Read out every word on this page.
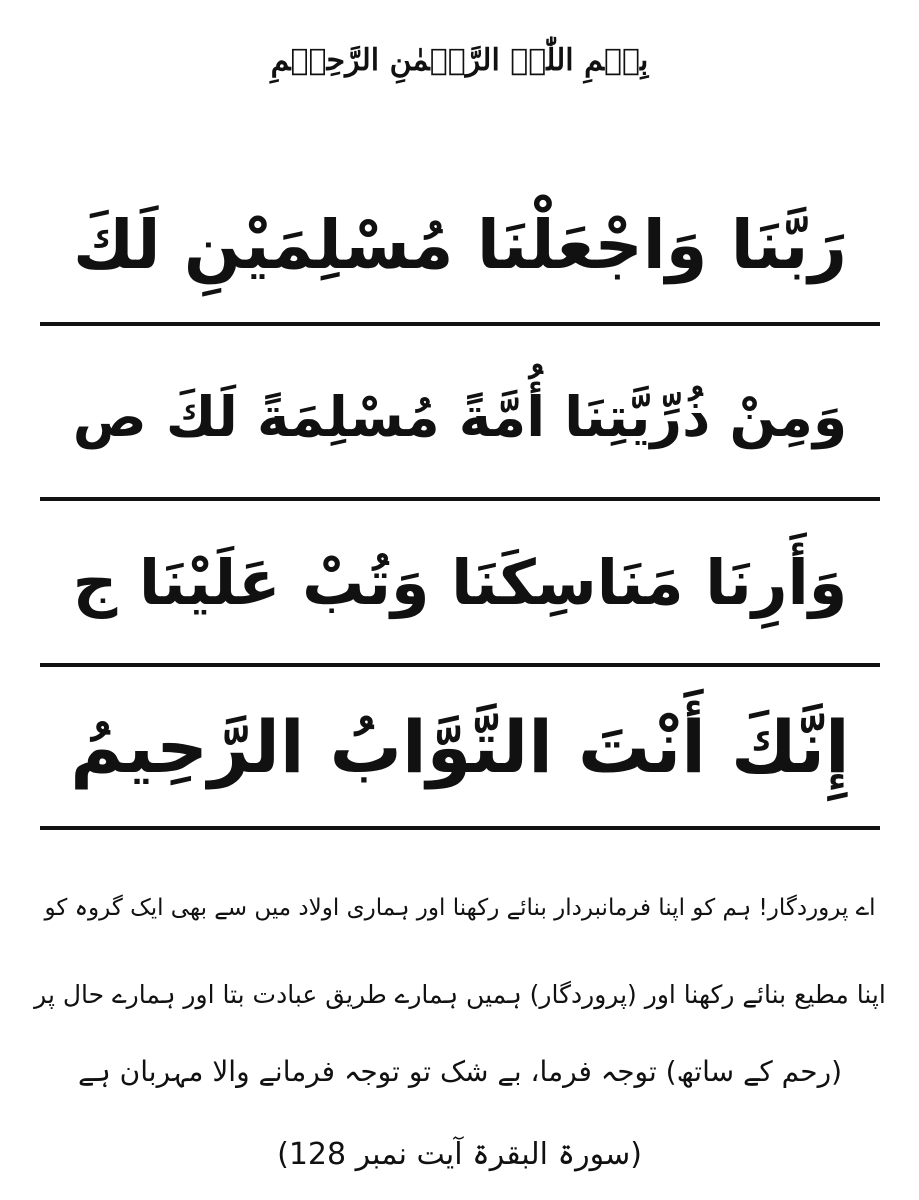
بِسۡمِ اللّٰہِ الرَّحۡمٰنِ الرَّحِیۡمِ
رَبَّنَا وَاجْعَلْنَا مُسْلِمَيْنِ لَكَ
وَمِنْ ذُرِّيَّتِنَا أُمَّةً مُسْلِمَةً لَكَ ص
وَأَرِنَا مَنَاسِكَنَا وَتُبْ عَلَيْنَا ج
إِنَّكَ أَنْتَ التَّوَّابُ الرَّحِيمُ
اے پروردگار! ہم کو اپنا فرمانبردار بنائے رکھنا اور ہماری اولاد میں سے بھی ایک گروہ کو
اپنا مطیع بنائے رکھنا اور (پروردگار) ہمیں ہمارے طریق عبادت بتا اور ہمارے حال پر
(رحم کے ساتھ) توجہ فرما، بے شک تو توجہ فرمانے والا مہربان ہے
(سورۃ البقرۃ آیت نمبر 128)
